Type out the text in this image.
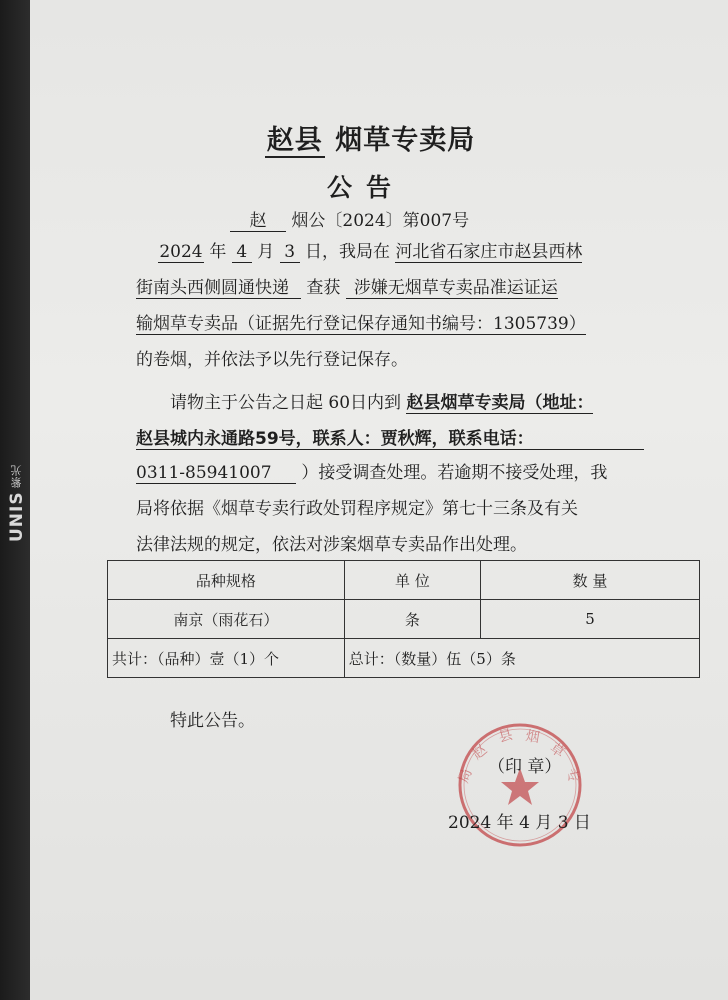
UNIS
紫光
赵县 烟草专卖局
公告
赵 烟公〔2024〕第007号
2024 年 4 月 3 日，我局在 河北省石家庄市赵县西林
街南头西侧圆通快递 查获 涉嫌无烟草专卖品准运证运
输烟草专卖品（证据先行登记保存通知书编号：1305739）
的卷烟，并依法予以先行登记保存。
请物主于公告之日起 60日内到 赵县烟草专卖局（地址：
赵县城内永通路59号，联系人：贾秋辉，联系电话：
0311-85941007 ）接受调查处理。若逾期不接受处理，我
局将依据《烟草专卖行政处罚程序规定》第七十三条及有关
法律法规的规定，依法对涉案烟草专卖品作出处理。
品种规格	单 位	数 量
南京（雨花石）	条	5
共计：（品种）壹（1）个	总计：（数量）伍（5）条	
特此公告。
赵
县 烟
草
专
局 （印 章）
2024 年 4 月 3 日
